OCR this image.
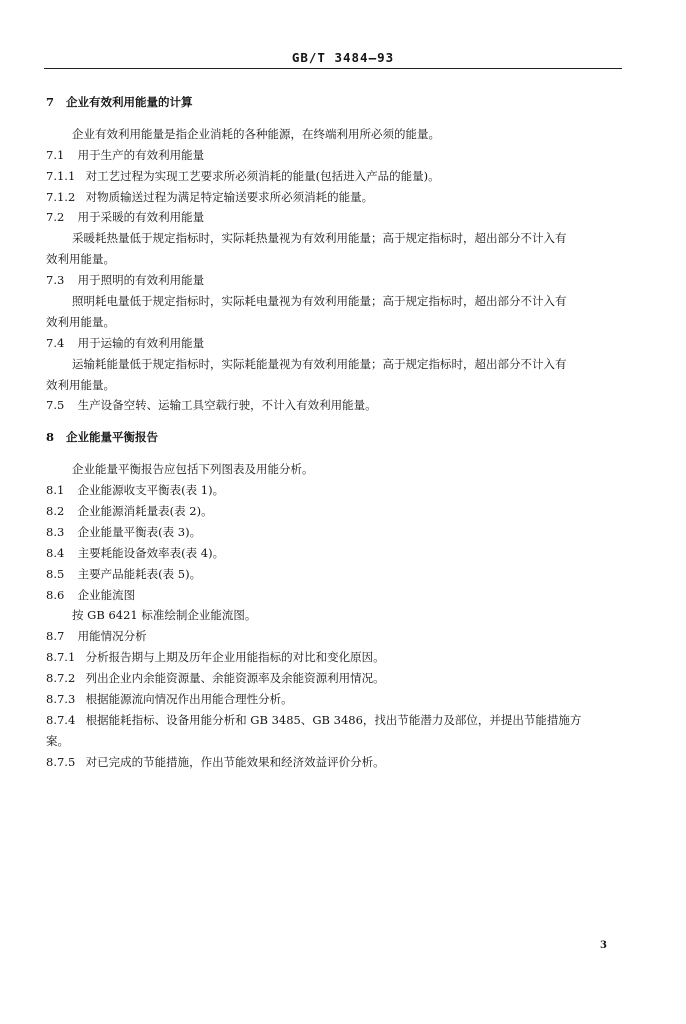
GB/T 3484—93
7 企业有效利用能量的计算
企业有效利用能量是指企业消耗的各种能源，在终端利用所必须的能量。
7.1 用于生产的有效利用能量
7.1.1 对工艺过程为实现工艺要求所必须消耗的能量(包括进入产品的能量)。
7.1.2 对物质输送过程为满足特定输送要求所必须消耗的能量。
7.2 用于采暖的有效利用能量
采暖耗热量低于规定指标时，实际耗热量视为有效利用能量；高于规定指标时，超出部分不计入有
效利用能量。
7.3 用于照明的有效利用能量
照明耗电量低于规定指标时，实际耗电量视为有效利用能量；高于规定指标时，超出部分不计入有
效利用能量。
7.4 用于运输的有效利用能量
运输耗能量低于规定指标时，实际耗能量视为有效利用能量；高于规定指标时，超出部分不计入有
效利用能量。
7.5 生产设备空转、运输工具空载行驶，不计入有效利用能量。
8 企业能量平衡报告
企业能量平衡报告应包括下列图表及用能分析。
8.1 企业能源收支平衡表(表 1)。
8.2 企业能源消耗量表(表 2)。
8.3 企业能量平衡表(表 3)。
8.4 主要耗能设备效率表(表 4)。
8.5 主要产品能耗表(表 5)。
8.6 企业能流图
按 GB 6421 标准绘制企业能流图。
8.7 用能情况分析
8.7.1 分析报告期与上期及历年企业用能指标的对比和变化原因。
8.7.2 列出企业内余能资源量、余能资源率及余能资源利用情况。
8.7.3 根据能源流向情况作出用能合理性分析。
8.7.4 根据能耗指标、设备用能分析和 GB 3485、GB 3486，找出节能潜力及部位，并提出节能措施方
案。
8.7.5 对已完成的节能措施，作出节能效果和经济效益评价分析。
3
